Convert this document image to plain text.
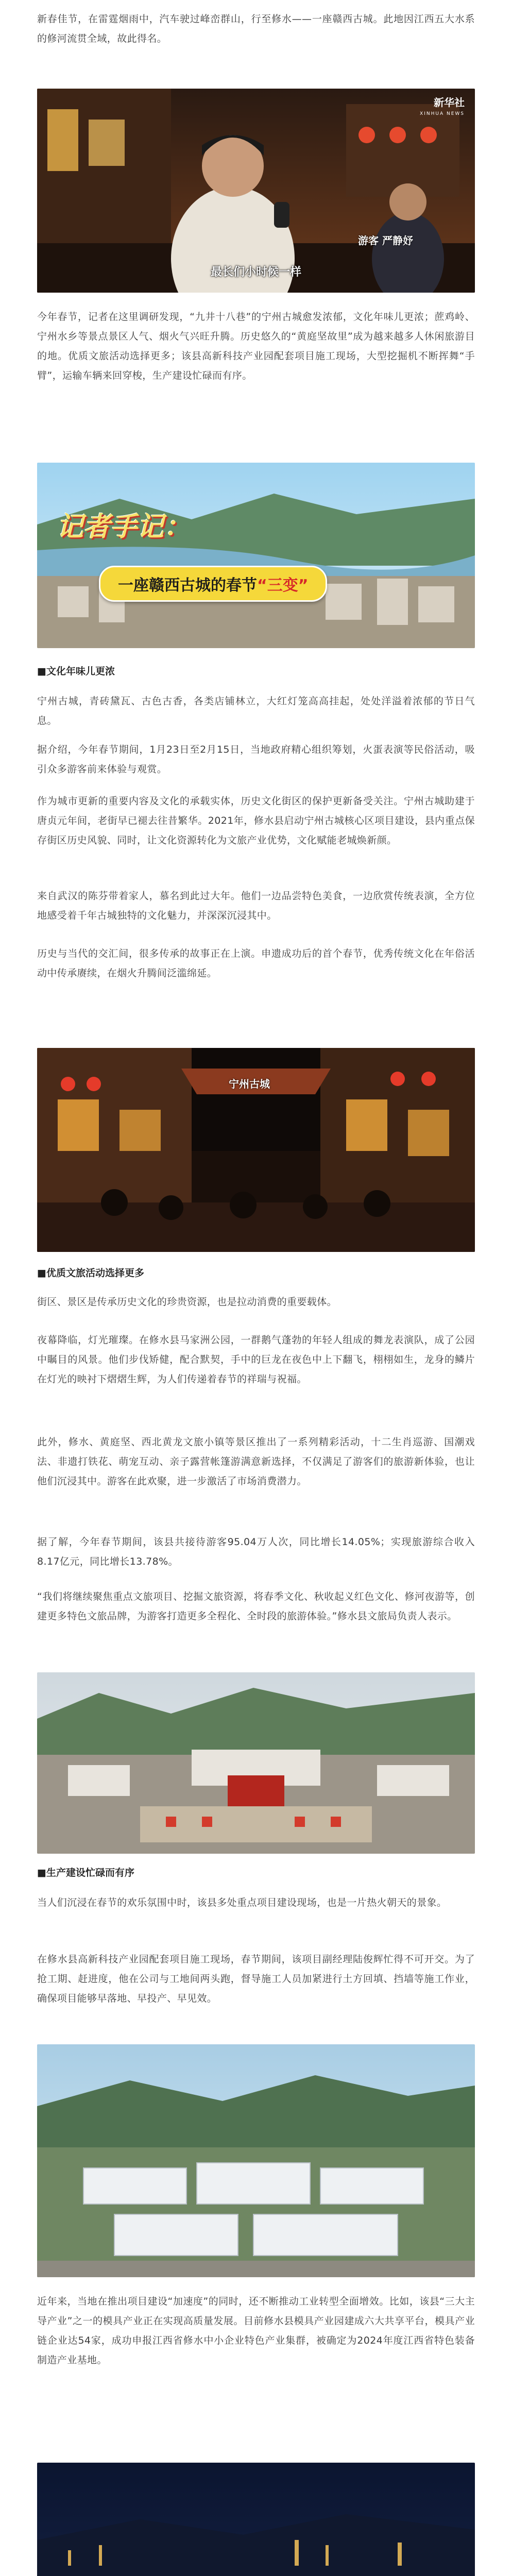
新春佳节，在雷霆烟雨中，汽车驶过峰峦群山，行至修水——一座赣西古城。此地因江西五大水系的修河流贯全域，故此得名。

新华社
XINHUA NEWS
游客 严静妤
最长们小时候一样

今年春节，记者在这里调研发现，“九井十八巷”的宁州古城愈发浓郁，文化年味儿更浓；蔗鸡岭、宁州水乡等景点景区人气、烟火气兴旺升腾。历史悠久的“黄庭坚故里”成为越来越多人休闲旅游目的地。优质文旅活动选择更多；该县高新科技产业园配套项目施工现场，大型挖掘机不断挥舞“手臂”，运输车辆来回穿梭，生产建设忙碌而有序。

记者手记：
一座赣西古城的春节“三变”
■文化年味儿更浓

宁州古城，青砖黛瓦、古色古香，各类店铺林立，大红灯笼高高挂起，处处洋溢着浓郁的节日气息。

据介绍，今年春节期间，1月23日至2月15日，当地政府精心组织筹划，火蛋表演等民俗活动，吸引众多游客前来体验与观赏。

作为城市更新的重要内容及文化的承载实体，历史文化街区的保护更新备受关注。宁州古城助建于唐贞元年间，老街早已褪去往昔繁华。2021年，修水县启动宁州古城核心区项目建设，县内重点保存街区历史风貌、同时，让文化资源转化为文旅产业优势，文化赋能老城焕新颜。

来自武汉的陈芬带着家人，慕名到此过大年。他们一边品尝特色美食，一边欣赏传统表演，全方位地感受着千年古城独特的文化魅力，并深深沉浸其中。

历史与当代的交汇间，很多传承的故事正在上演。申遗成功后的首个春节，优秀传统文化在年俗活动中传承赓续，在烟火升腾间泛滥绵延。

宁州古城
■优质文旅活动选择更多

街区、景区是传承历史文化的珍贵资源，也是拉动消费的重要载体。

夜幕降临，灯光璀璨。在修水县马家洲公园，一群鹅气蓬勃的年轻人组成的舞龙表演队，成了公园中瞩目的风景。他们步伐矫健，配合默契，手中的巨龙在夜色中上下翻飞，栩栩如生，龙身的鳞片在灯光的映衬下熠熠生辉，为人们传递着春节的祥瑞与祝福。

此外，修水、黄庭坚、西北黄龙文旅小镇等景区推出了一系列精彩活动，十二生肖巡游、国潮戏法、非遗打铁花、萌宠互动、亲子露营帐篷游满意新选择，不仅满足了游客们的旅游新体验，也让他们沉浸其中。游客在此欢聚，进一步激活了市场消费潜力。

据了解，今年春节期间，该县共接待游客95.04万人次，同比增长14.05%；实现旅游综合收入8.17亿元，同比增长13.78%。

“我们将继续聚焦重点文旅项目、挖掘文旅资源，将春季文化、秋收起义红色文化、修河夜游等，创建更多特色文旅品牌，为游客打造更多全程化、全时段的旅游体验。”修水县文旅局负责人表示。

■生产建设忙碌而有序

当人们沉浸在春节的欢乐氛围中时，该县多处重点项目建设现场，也是一片热火朝天的景象。

在修水县高新科技产业园配套项目施工现场，春节期间，该项目副经理陆俊辉忙得不可开交。为了抢工期、赶进度，他在公司与工地间两头跑，督导施工人员加紧进行土方回填、挡墙等施工作业，确保项目能够早落地、早投产、早见效。

近年来，当地在推出项目建设“加速度”的同时，还不断推动工业转型全面增效。比如，该县“三大主导产业”之一的模具产业正在实现高质量发展。目前修水县模具产业园建成六大共享平台，模具产业链企业达54家，成功申报江西省修水中小企业特色产业集群，被确定为2024年度江西省特色装备制造产业基地。
